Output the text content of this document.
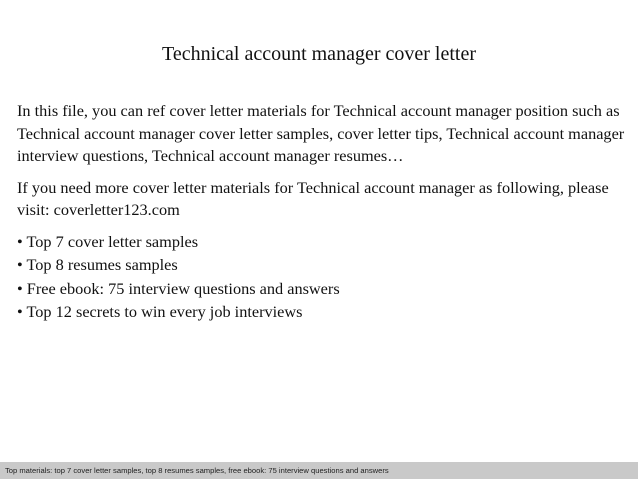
Technical account manager cover letter

In this file, you can ref cover letter materials for Technical account manager position such as Technical account manager cover letter samples, cover letter tips, Technical account manager interview questions, Technical account manager resumes…

If you need more cover letter materials for Technical account manager as following, please visit: coverletter123.com

• Top 7 cover letter samples
• Top 8 resumes samples
• Free ebook: 75 interview questions and answers
• Top 12 secrets to win every job interviews
Top materials: top 7 cover letter samples, top 8 resumes samples, free ebook: 75 interview questions and answers
